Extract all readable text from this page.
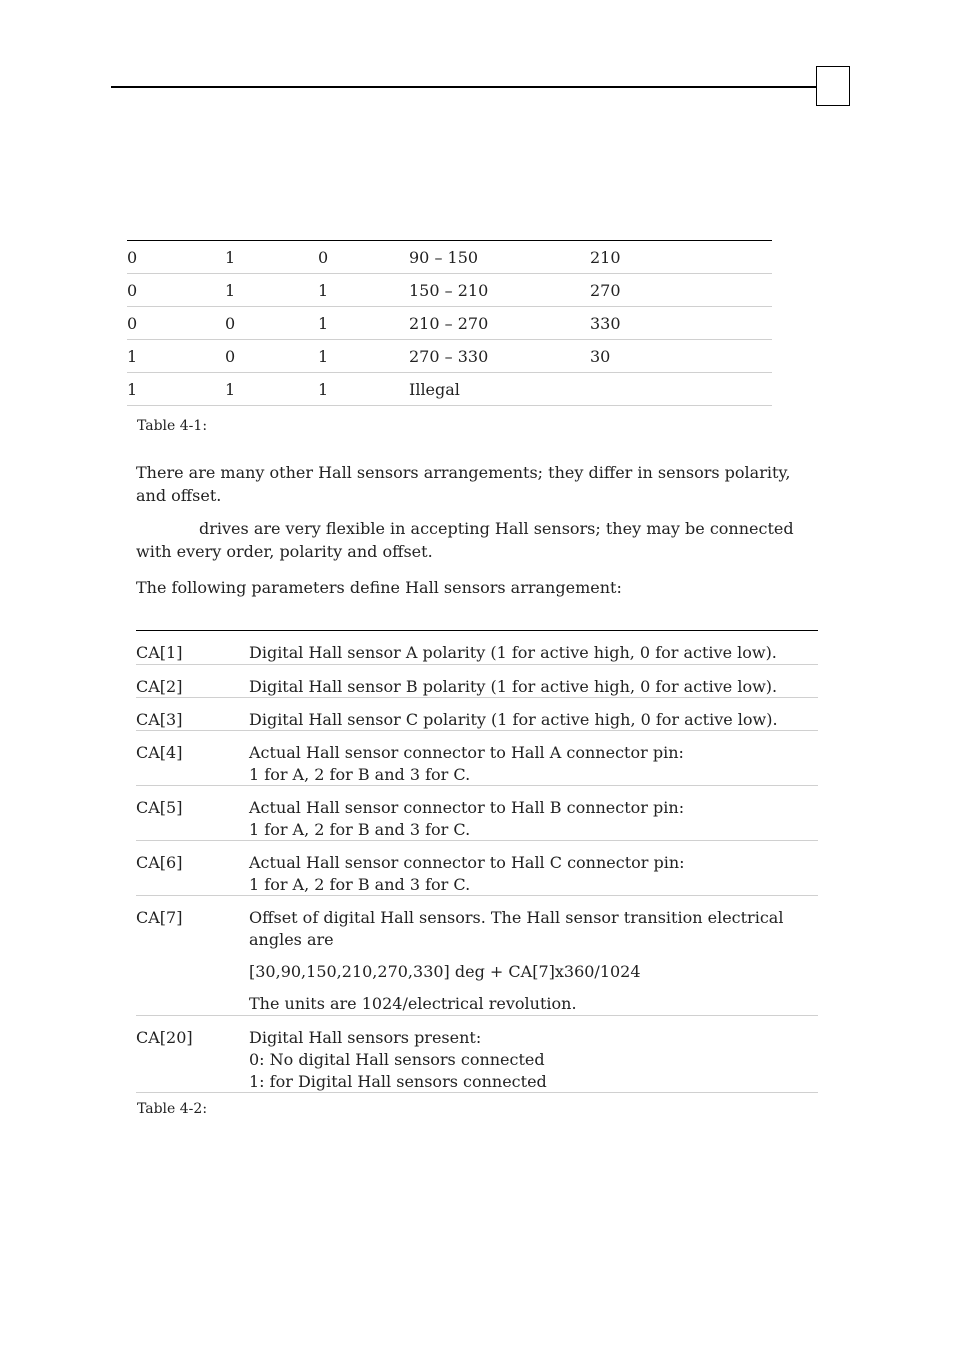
0	1	0	90 – 150	210
0	1	1	150 – 210	270
0	0	1	210 – 270	330
1	0	1	270 – 330	30
1	1	1	Illegal
Table 4-1:

There are many other Hall sensors arrangements; they differ in sensors polarity, and offset.

drives are very flexible in accepting Hall sensors; they may be connected with every order, polarity and offset.

The following parameters define Hall sensors arrangement:

CA[1]	Digital Hall sensor A polarity (1 for active high, 0 for active low).
CA[2]	Digital Hall sensor B polarity (1 for active high, 0 for active low).
CA[3]	Digital Hall sensor C polarity (1 for active high, 0 for active low).
CA[4]	Actual Hall sensor connector to Hall A connector pin:
1 for A, 2 for B and 3 for C.
CA[5]	Actual Hall sensor connector to Hall B connector pin:
1 for A, 2 for B and 3 for C.
CA[6]	Actual Hall sensor connector to Hall C connector pin:
1 for A, 2 for B and 3 for C.
CA[7]	Offset of digital Hall sensors. The Hall sensor transition electrical angles are
[30,90,150,210,270,330] deg + CA[7]x360/1024
The units are 1024/electrical revolution.
CA[20]	Digital Hall sensors present:
0: No digital Hall sensors connected
1: for Digital Hall sensors connected
Table 4-2:
